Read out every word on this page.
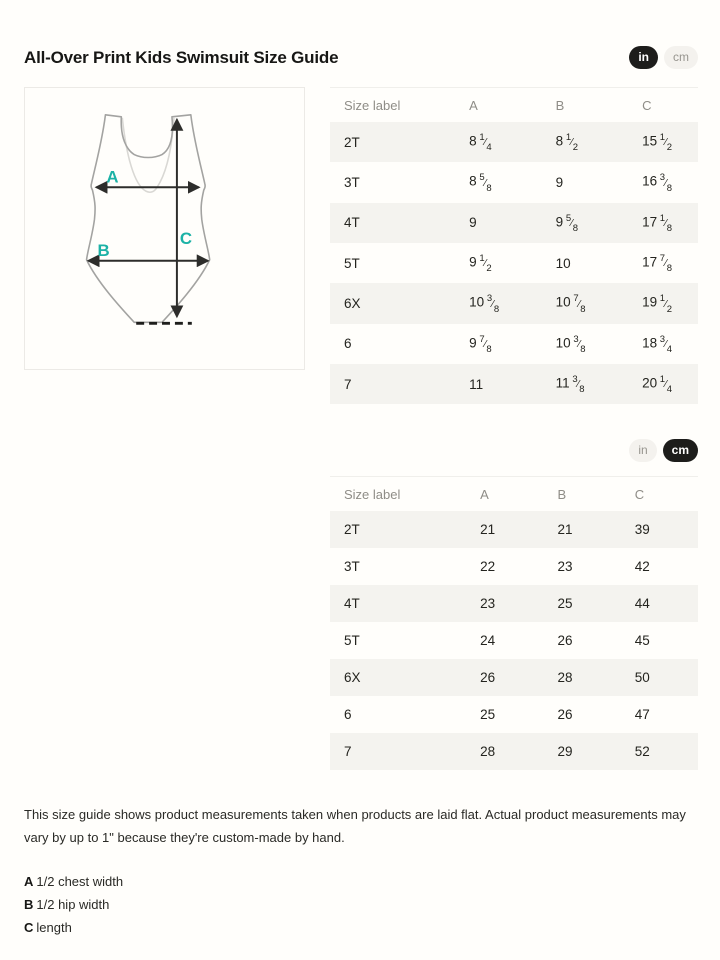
All-Over Print Kids Swimsuit Size Guide	in	cm
A
B
C
Size label	A	B	C
2T	8 $^1⁄_4$	8 $^1⁄_2$	15 $^1⁄_2$
3T	8 $^5⁄_8$	9	16 $^3⁄_8$
4T	9	9 $^5⁄_8$	17 $^1⁄_8$
5T	9 $^1⁄_2$	10	17 $^7⁄_8$
6X	10 $^3⁄_8$	10 $^7⁄_8$	19 $^1⁄_2$
6	9 $^7⁄_8$	10 $^3⁄_8$	18 $^3⁄_4$
7	11	11 $^3⁄_8$	20 $^1⁄_4$
in	cm
Size label	A	B	C
2T	21	21	39
3T	22	23	42
4T	23	25	44
5T	24	26	45
6X	26	28	50
6	25	26	47
7	28	29	52

This size guide shows product measurements taken when products are laid flat. Actual product measurements may vary by up to 1" because they're custom-made by hand.

A 1/2 chest width
B 1/2 hip width
C length
